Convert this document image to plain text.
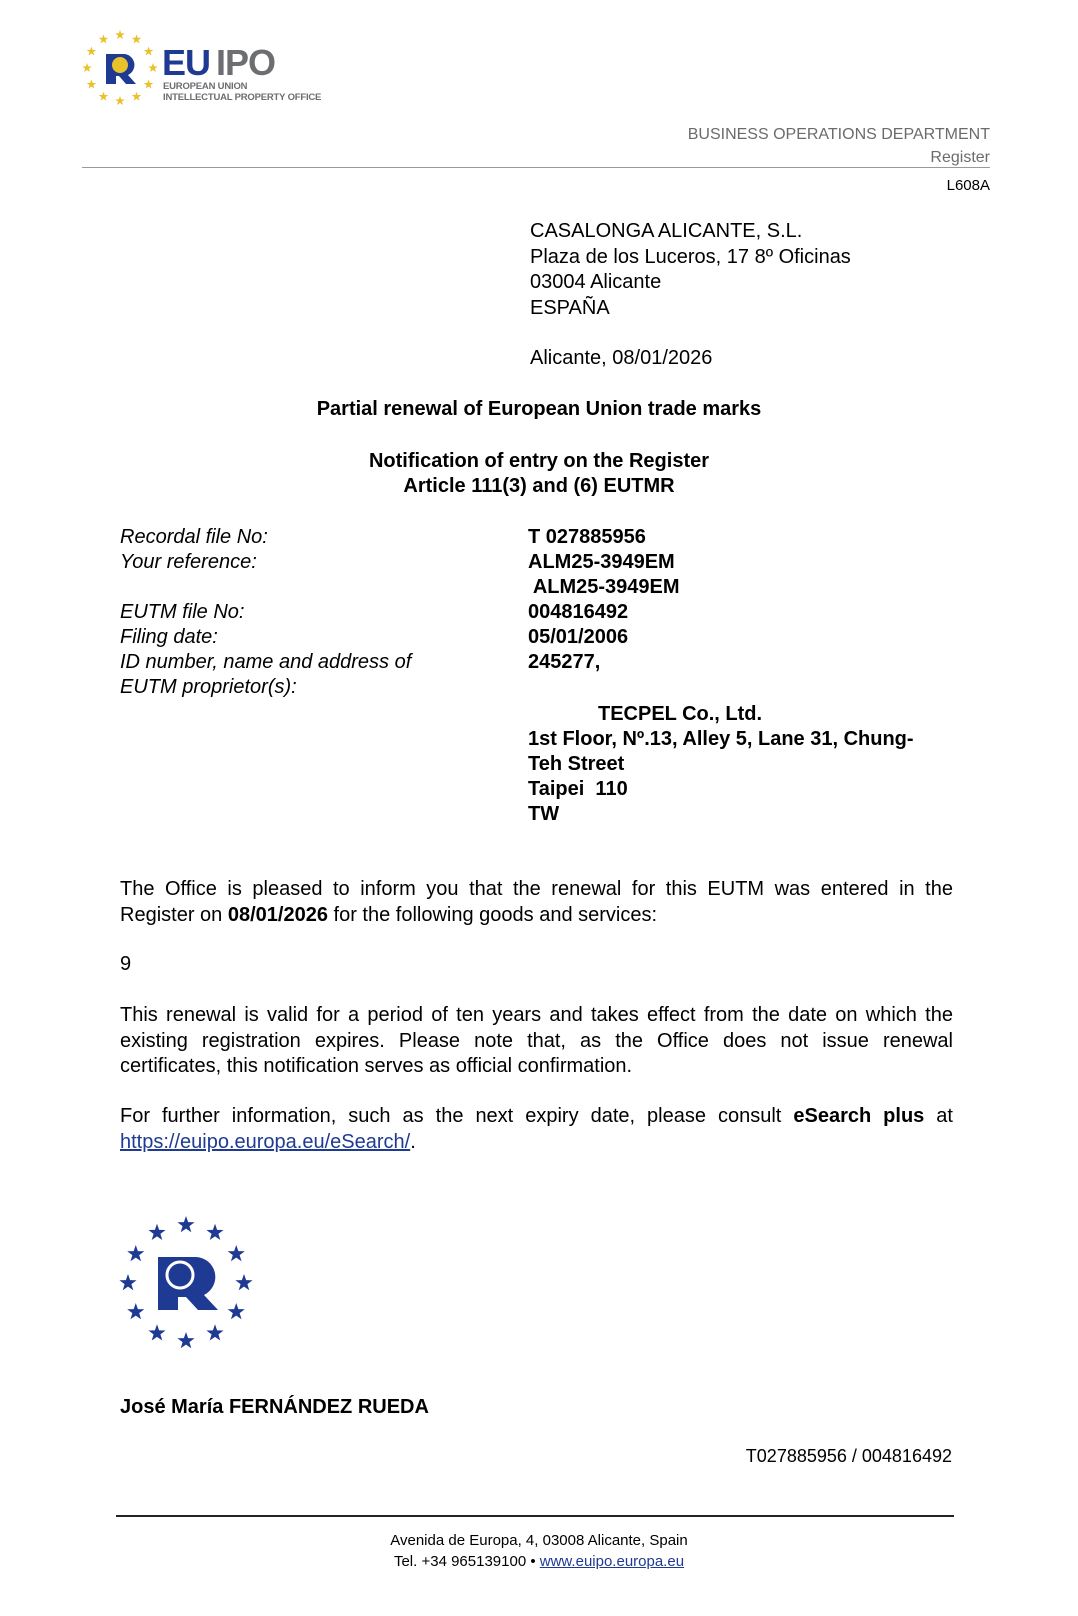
EU IPO
EUROPEAN UNION
INTELLECTUAL PROPERTY OFFICE
BUSINESS OPERATIONS DEPARTMENT
Register
L608A
CASALONGA ALICANTE, S.L.
Plaza de los Luceros, 17 8º Oficinas
03004 Alicante
ESPAÑA
Alicante, 08/01/2026
Partial renewal of European Union trade marks
Notification of entry on the Register
Article 111(3) and (6) EUTMR
Recordal file No:	T 027885956
Your reference:	ALM25-3949EM
ALM25-3949EM
EUTM file No:	004816492
Filing date:	05/01/2006
ID number, name and address of
EUTM proprietor(s):
245277,
TECPEL Co., Ltd.
1st Floor, Nº.13, Alley 5, Lane 31, Chung-
Teh Street
Taipei  110
TW
The Office is pleased to inform you that the renewal for this EUTM was entered in the Register on 08/01/2026 for the following goods and services:
9
This renewal is valid for a period of ten years and takes effect from the date on which the existing registration expires. Please note that, as the Office does not issue renewal certificates, this notification serves as official confirmation.
For further information, such as the next expiry date, please consult eSearch plus at https://euipo.europa.eu/eSearch/.
José María FERNÁNDEZ RUEDA
T027885956 / 004816492
Avenida de Europa, 4, 03008 Alicante, Spain
Tel. +34 965139100 • www.euipo.europa.eu
